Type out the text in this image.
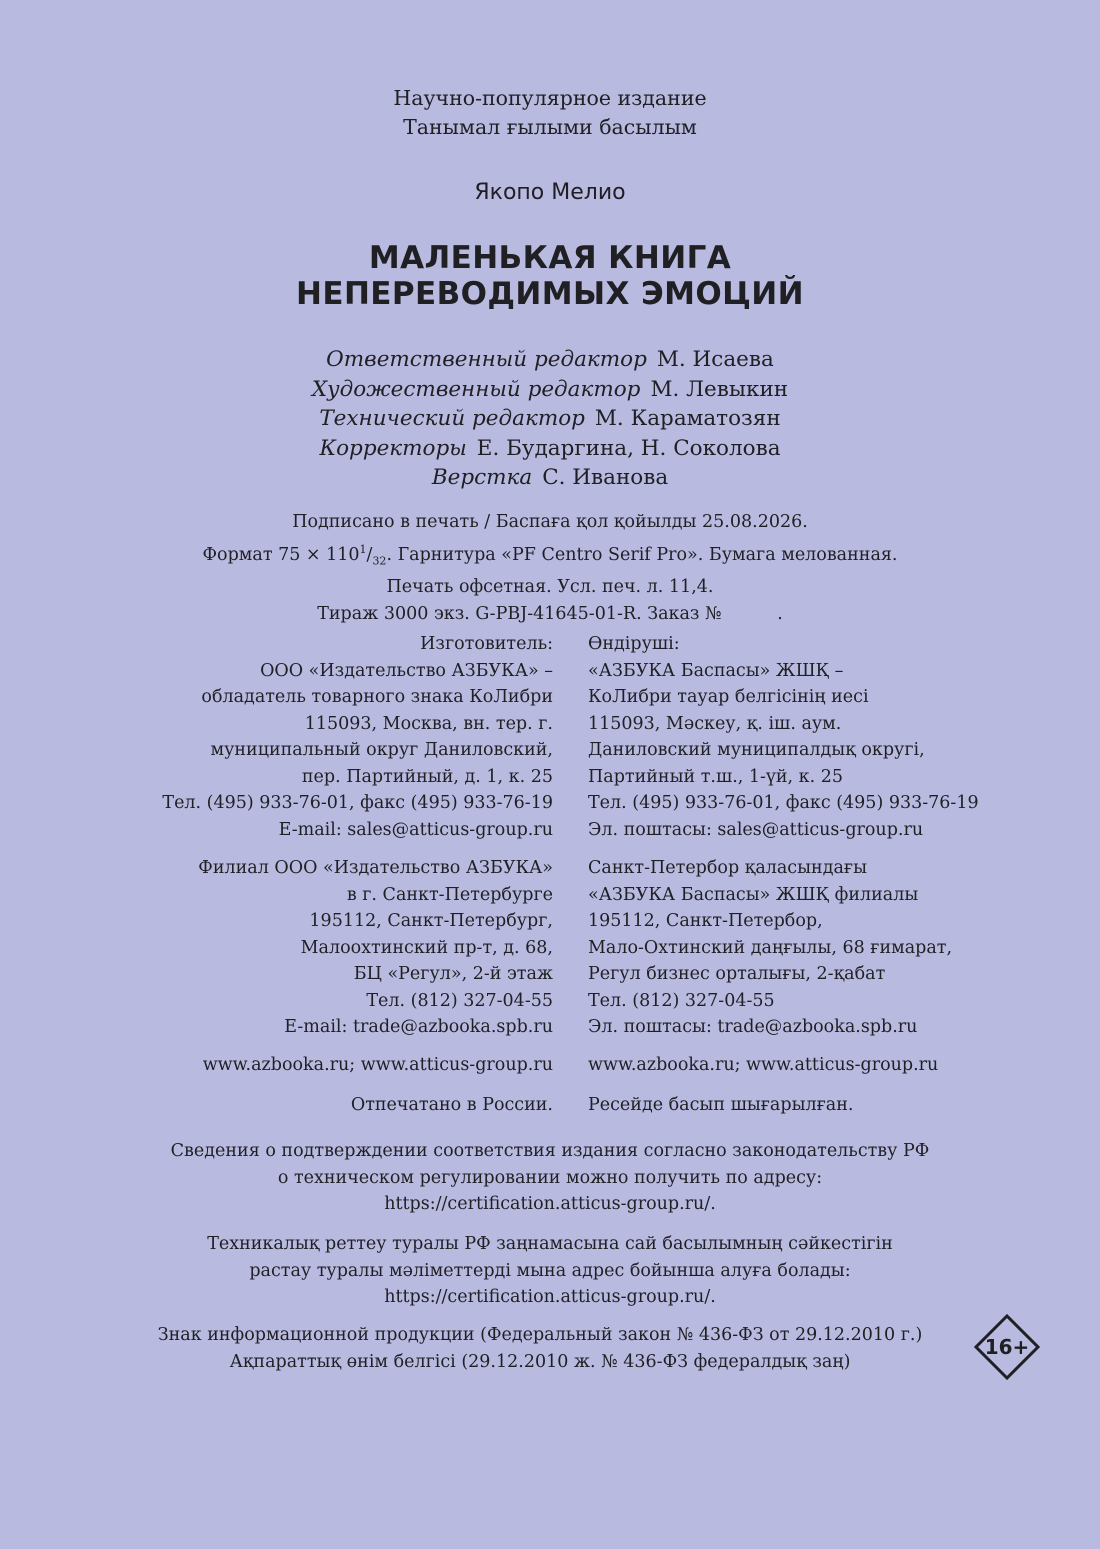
Научно-популярное издание
Танымал ғылыми басылым
Якопо Мелио
МАЛЕНЬКАЯ КНИГА
НЕПЕРЕВОДИМЫХ ЭМОЦИЙ
Ответственный редактор М. Исаева
Художественный редактор М. Левыкин
Технический редактор М. Караматозян
Корректоры Е. Бударгина, Н. Соколова
Верстка С. Иванова
Подписано в печать / Баспаға қол қойылды 25.08.2026.
Формат $75 \times 110^1/_{32}$. Гарнитура «PF Centro Serif Pro». Бумага мелованная.
Печать офсетная. Усл. печ. л. 11,4.
Тираж 3000 экз. G-PBJ-41645-01-R. Заказ №          .
Изготовитель:
ООО «Издательство АЗБУКА» –
обладатель товарного знака КоЛибри
115093, Москва, вн. тер. г.
муниципальный округ Даниловский,
пер. Партийный, д. 1, к. 25
Тел. (495) 933-76-01, факс (495) 933-76-19
E-mail: sales@atticus-group.ru
Өндіруші:
«АЗБУКА Баспасы» ЖШҚ –
КоЛибри тауар белгісінің иесі
115093, Мәскеу, қ. іш. аум.
Даниловский муниципалдық округі,
Партийный т.ш., 1-үй, к. 25
Тел. (495) 933-76-01, факс (495) 933-76-19
Эл. поштасы: sales@atticus-group.ru
Филиал ООО «Издательство АЗБУКА»
в г. Санкт-Петербурге
195112, Санкт-Петербург,
Малоохтинский пр-т, д. 68,
БЦ «Регул», 2-й этаж
Тел. (812) 327-04-55
E-mail: trade@azbooka.spb.ru
Санкт-Петербор қаласындағы
«АЗБУКА Баспасы» ЖШҚ филиалы
195112, Санкт-Петербор,
Мало-Охтинский даңғылы, 68 ғимарат,
Регул бизнес орталығы, 2-қабат
Тел. (812) 327-04-55
Эл. поштасы: trade@azbooka.spb.ru
www.azbooka.ru; www.atticus-group.ru www.azbooka.ru; www.atticus-group.ru
Отпечатано в России. Ресейде басып шығарылған.
Сведения о подтверждении соответствия издания согласно законодательству РФ
о техническом регулировании можно получить по адресу:
https://certification.atticus-group.ru/.
Техникалық реттеу туралы РФ заңнамасына сай басылымның сәйкестігін
растау туралы мәліметтерді мына адрес бойынша алуға болады:
https://certification.atticus-group.ru/.
Знак информационной продукции (Федеральный закон № 436-ФЗ от 29.12.2010 г.)
Ақпараттық өнім белгісі (29.12.2010 ж. № 436-ФЗ федералдық заң)
16+
